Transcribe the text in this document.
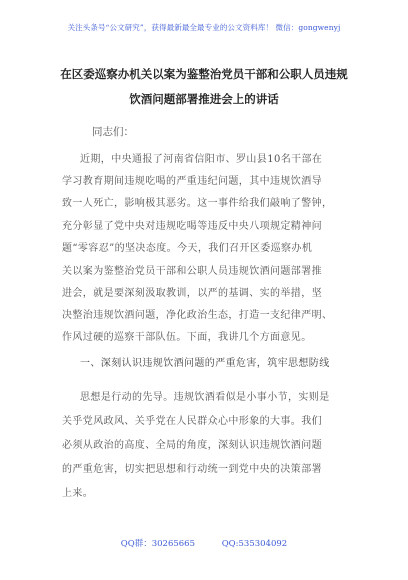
关注头条号“公文研究”，获得最新最全最专业的公文资料库！ 微信：gongwenyj
在区委巡察办机关以案为鉴整治党员干部和公职人员违规
饮酒问题部署推进会上的讲话
同志们：
近期，中央通报了河南省信阳市、罗山县10名干部在
学习教育期间违规吃喝的严重违纪问题，其中违规饮酒导
致一人死亡，影响极其恶劣。这一事件给我们敲响了警钟，
充分彰显了党中央对违规吃喝等违反中央八项规定精神问
题“零容忍”的坚决态度。今天，我们召开区委巡察办机
关以案为鉴整治党员干部和公职人员违规饮酒问题部署推
进会，就是要深刻汲取教训，以严的基调、实的举措，坚
决整治违规饮酒问题，净化政治生态，打造一支纪律严明、
作风过硬的巡察干部队伍。下面，我讲几个方面意见。
一、深刻认识违规饮酒问题的严重危害，筑牢思想防线
思想是行动的先导。违规饮酒看似是小事小节，实则是
关乎党风政风、关乎党在人民群众心中形象的大事。我们
必须从政治的高度、全局的角度，深刻认识违规饮酒问题
的严重危害，切实把思想和行动统一到党中央的决策部署
上来。
QQ群：30265665	QQ:535304092
